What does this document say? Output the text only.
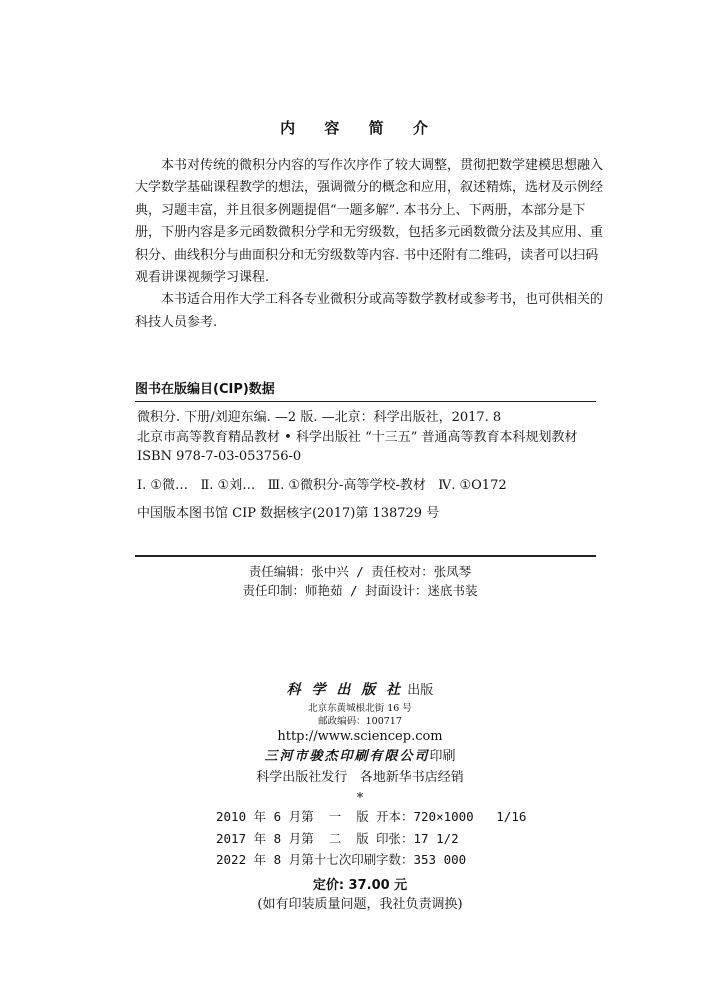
内 容 简 介

本书对传统的微积分内容的写作次序作了较大调整，贯彻把数学建模思想融入大学数学基础课程教学的想法，强调微分的概念和应用，叙述精炼，选材及示例经典，习题丰富，并且很多例题提倡“一题多解”. 本书分上、下两册，本部分是下册，下册内容是多元函数微积分学和无穷级数，包括多元函数微分法及其应用、重积分、曲线积分与曲面积分和无穷级数等内容. 书中还附有二维码，读者可以扫码观看讲课视频学习课程.

本书适合用作大学工科各专业微积分或高等数学教材或参考书，也可供相关的科技人员参考.

图书在版编目(CIP)数据
微积分. 下册/刘迎东编. —2 版. —北京：科学出版社，2017. 8
北京市高等教育精品教材 • 科学出版社 “十三五” 普通高等教育本科规划教材
ISBN 978-7-03-053756-0
Ⅰ. ①微…   Ⅱ. ①刘…   Ⅲ. ①微积分-高等学校-教材   Ⅳ. ①O172
中国版本图书馆 CIP 数据核字(2017)第 138729 号
责任编辑：张中兴 / 责任校对：张凤琴
责任印制：师艳茹 / 封面设计：迷底书装
科 学 出 版 社 出版
北京东黄城根北街 16 号
邮政编码：100717
http://www.sciencep.com
三河市骏杰印刷有限公司印刷
科学出版社发行   各地新华书店经销
*
2010 年 6 月第  一  版 开本：720×1000   1/16
2017 年 8 月第  二  版 印张：17 1/2
2022 年 8 月第十七次印刷字数：353 000
定价: 37.00 元
(如有印装质量问题，我社负责调换)
